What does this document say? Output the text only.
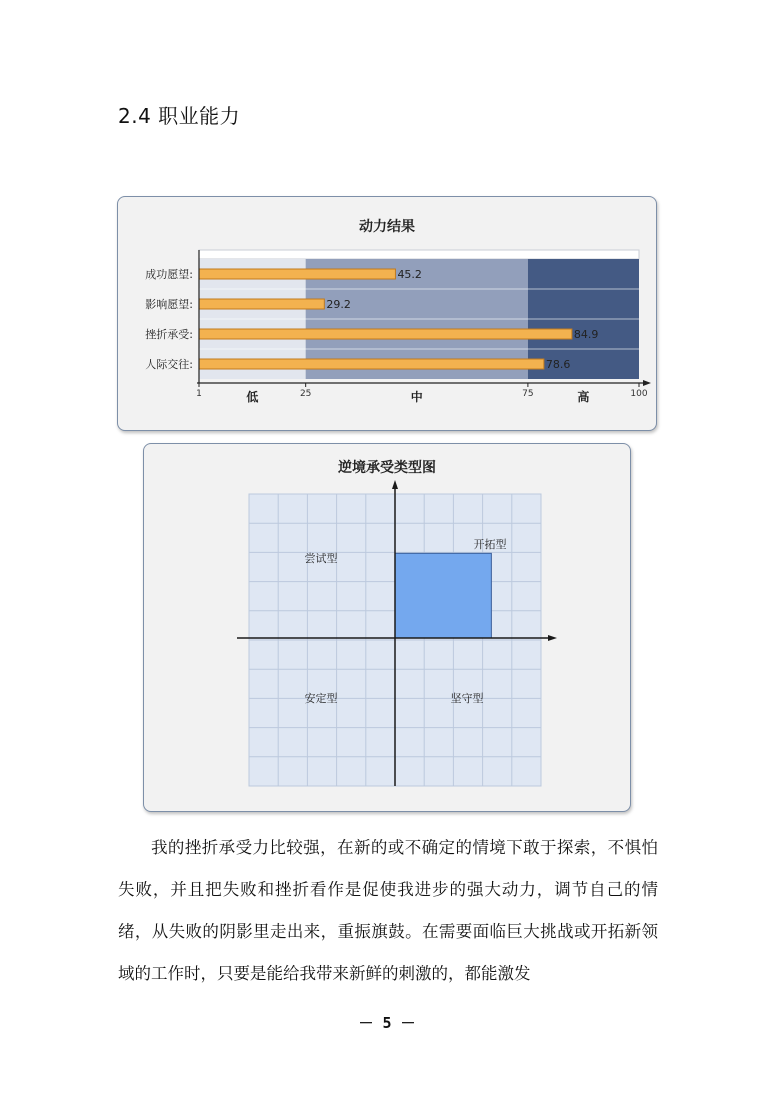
2.4 职业能力
动力结果
45.2
成功愿望:
29.2
影响愿望:
84.9
挫折承受:
78.6
人际交往:
1	25	75	100
低	中	高
逆境承受类型图
尝试型
开拓型
安定型	坚守型
我的挫折承受力比较强，在新的或不确定的情境下敢于探索，不惧怕失败，并且把失败和挫折看作是促使我进步的强大动力，调节自己的情绪，从失败的阴影里走出来，重振旗鼓。在需要面临巨大挑战或开拓新领域的工作时，只要是能给我带来新鲜的刺激的，都能激发
－ 5 －
